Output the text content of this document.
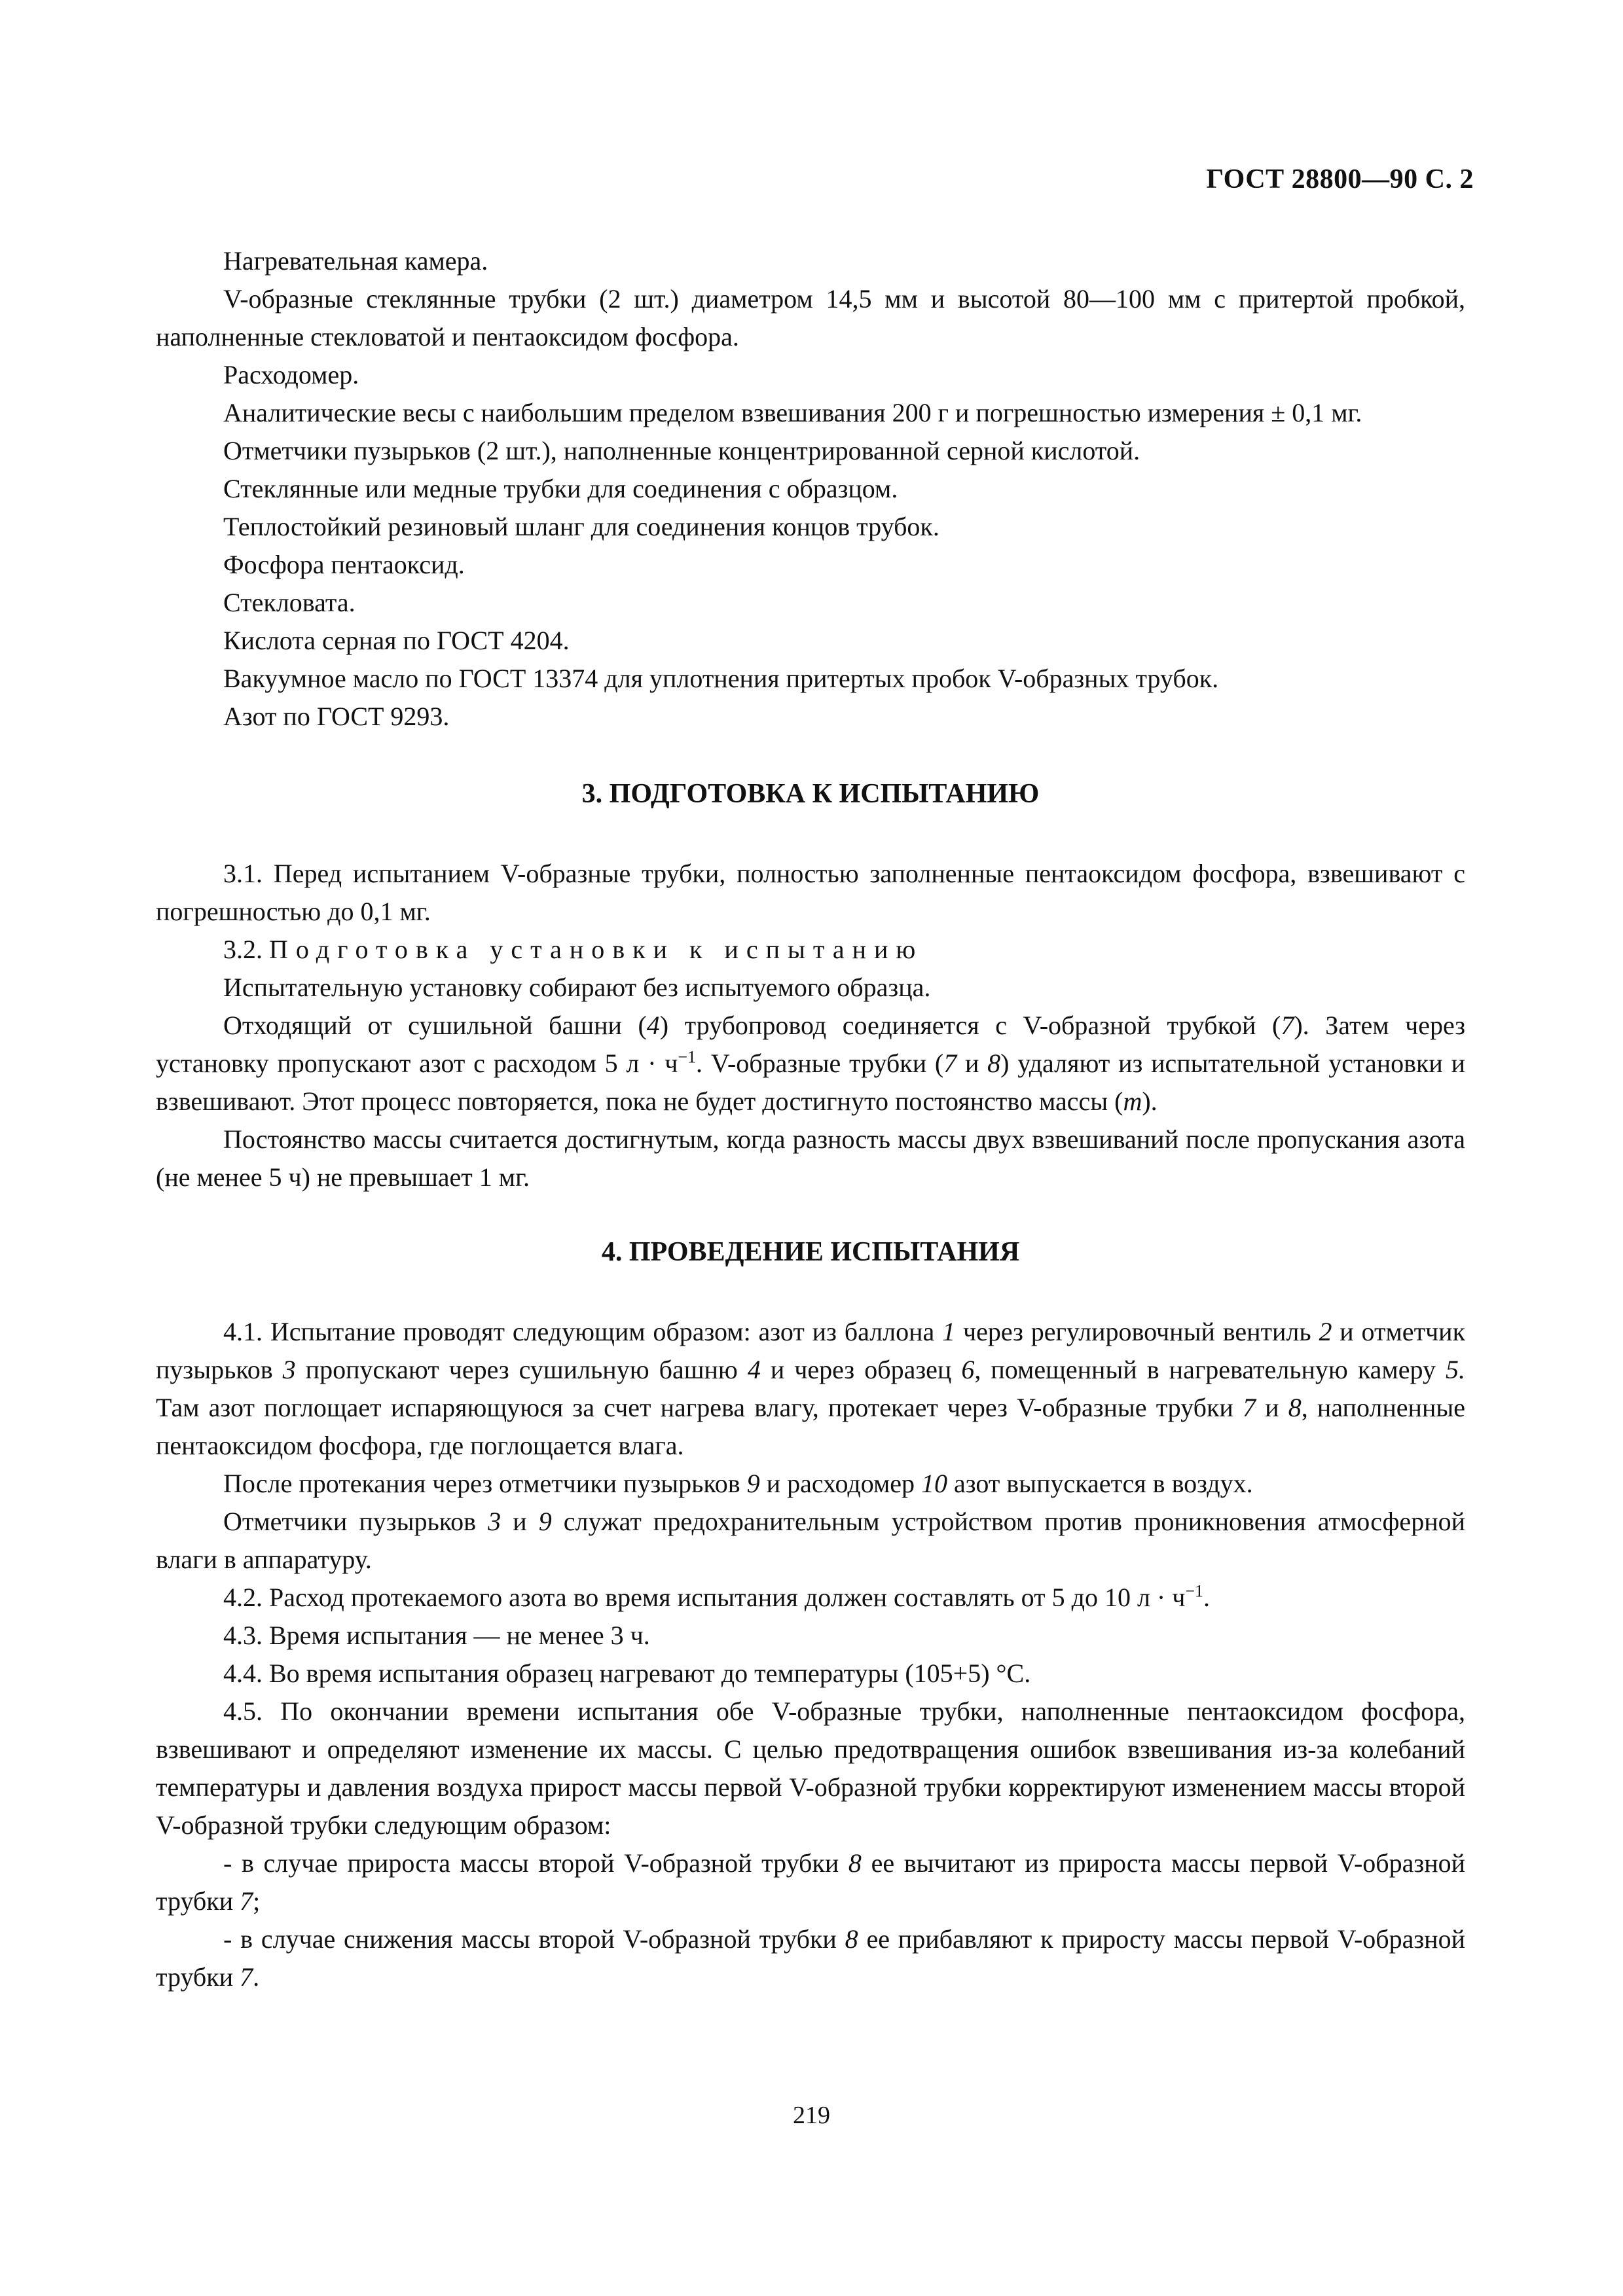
ГОСТ 28800—90 С. 2

Нагревательная камера.

V-образные стеклянные трубки (2 шт.) диаметром 14,5 мм и высотой 80—100 мм с притертой пробкой, наполненные стекловатой и пентаоксидом фосфора.

Расходомер.

Аналитические весы с наибольшим пределом взвешивания 200 г и погрешностью измерения ± 0,1 мг.

Отметчики пузырьков (2 шт.), наполненные концентрированной серной кислотой.

Стеклянные или медные трубки для соединения с образцом.

Теплостойкий резиновый шланг для соединения концов трубок.

Фосфора пентаоксид.

Стекловата.

Кислота серная по ГОСТ 4204.

Вакуумное масло по ГОСТ 13374 для уплотнения притертых пробок V-образных трубок.

Азот по ГОСТ 9293.

3. ПОДГОТОВКА К ИСПЫТАНИЮ

3.1. Перед испытанием V-образные трубки, полностью заполненные пентаоксидом фосфора, взвешивают с погрешностью до 0,1 мг.

3.2. Подготовка установки к испытанию

Испытательную установку собирают без испытуемого образца.

Отходящий от сушильной башни (4) трубопровод соединяется с V-образной трубкой (7). Затем через установку пропускают азот с расходом 5 $л \cdot ч^{-1}$. V-образные трубки (7 и 8) удаляют из испытательной установки и взвешивают. Этот процесс повторяется, пока не будет достигнуто постоянство массы (m).

Постоянство массы считается достигнутым, когда разность массы двух взвешиваний после пропускания азота (не менее 5 ч) не превышает 1 мг.

4. ПРОВЕДЕНИЕ ИСПЫТАНИЯ

4.1. Испытание проводят следующим образом: азот из баллона 1 через регулировочный вентиль 2 и отметчик пузырьков 3 пропускают через сушильную башню 4 и через образец 6, помещенный в нагревательную камеру 5. Там азот поглощает испаряющуюся за счет нагрева влагу, протекает через V-образные трубки 7 и 8, наполненные пентаоксидом фосфора, где поглощается влага.

После протекания через отметчики пузырьков 9 и расходомер 10 азот выпускается в воздух.

Отметчики пузырьков 3 и 9 служат предохранительным устройством против проникновения атмосферной влаги в аппаратуру.

4.2. Расход протекаемого азота во время испытания должен составлять от 5 до 10 $л \cdot ч^{-1}$.

4.3. Время испытания — не менее 3 ч.

4.4. Во время испытания образец нагревают до температуры (105+5) °С.

4.5. По окончании времени испытания обе V-образные трубки, наполненные пентаоксидом фосфора, взвешивают и определяют изменение их массы. С целью предотвращения ошибок взвешивания из-за колебаний температуры и давления воздуха прирост массы первой V-образной трубки корректируют изменением массы второй V-образной трубки следующим образом:

- в случае прироста массы второй V-образной трубки 8 ее вычитают из прироста массы первой V-образной трубки 7;

- в случае снижения массы второй V-образной трубки 8 ее прибавляют к приросту массы первой V-образной трубки 7.

219
